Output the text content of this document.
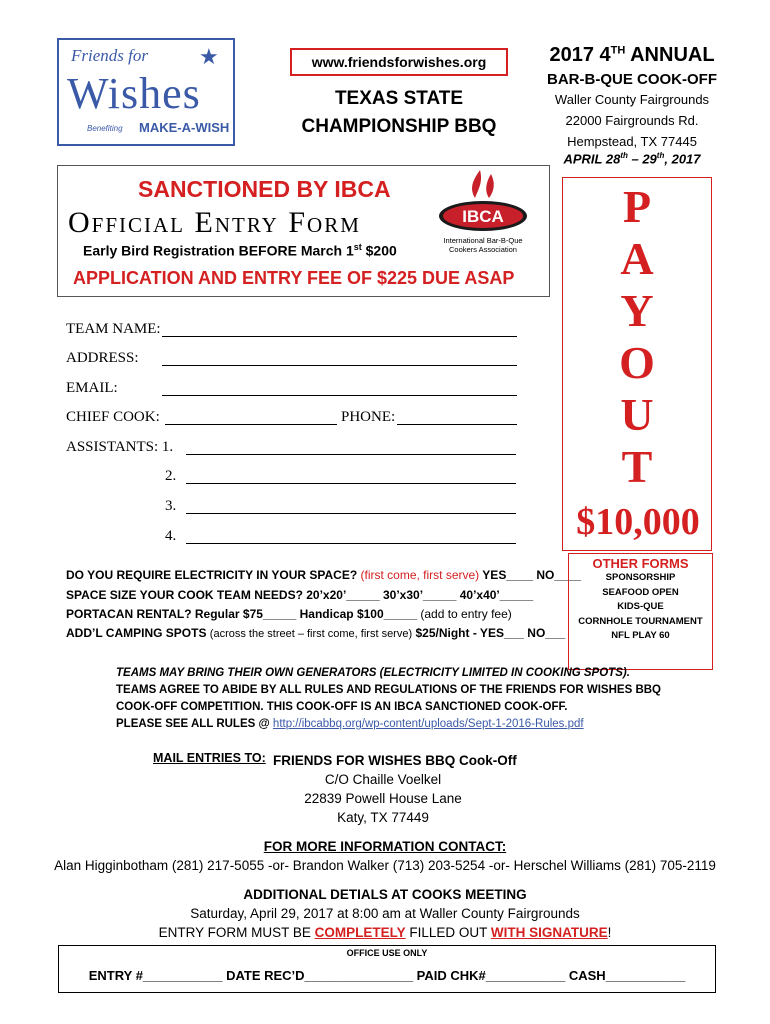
Friends for ★
Wishes
Benefiting MAKE-A-WISH
www.friendsforwishes.org
TEXAS STATE
CHAMPIONSHIP BBQ
2017 4TH ANNUAL
BAR-B-QUE COOK-OFF
Waller County Fairgrounds
22000 Fairgrounds Rd.
Hempstead, TX 77445
APRIL 28th – 29th, 2017
SANCTIONED BY IBCA
Official Entry Form
Early Bird Registration BEFORE March 1st $200
APPLICATION AND ENTRY FEE OF $225 DUE ASAP
IBCA
International Bar-B-Que
Cookers Association
P
A
Y
O
U
T
$10,000
TEAM NAME:
ADDRESS:
EMAIL:
CHIEF COOK:	PHONE:
ASSISTANTS: 1.
2.
3.
4.
DO YOU REQUIRE ELECTRICITY IN YOUR SPACE? (first come, first serve) YES____ NO____
SPACE SIZE YOUR COOK TEAM NEEDS? 20’x20’_____ 30’x30’_____ 40’x40’_____
PORTACAN RENTAL? Regular $75_____ Handicap $100_____ (add to entry fee)
ADD’L CAMPING SPOTS (across the street – first come, first serve) $25/Night - YES___ NO___
OTHER FORMS
SPONSORSHIP
SEAFOOD OPEN
KIDS-QUE
CORNHOLE TOURNAMENT
NFL PLAY 60
TEAMS MAY BRING THEIR OWN GENERATORS (ELECTRICITY LIMITED IN COOKING SPOTS).
TEAMS AGREE TO ABIDE BY ALL RULES AND REGULATIONS OF THE FRIENDS FOR WISHES BBQ
COOK-OFF COMPETITION. THIS COOK-OFF IS AN IBCA SANCTIONED COOK-OFF.
PLEASE SEE ALL RULES @ http://ibcabbq.org/wp-content/uploads/Sept-1-2016-Rules.pdf
MAIL ENTRIES TO: FRIENDS FOR WISHES BBQ Cook-Off
C/O Chaille Voelkel
22839 Powell House Lane
Katy, TX 77449
FOR MORE INFORMATION CONTACT:
Alan Higginbotham (281) 217-5055 -or- Brandon Walker (713) 203-5254 -or- Herschel Williams (281) 705-2119
ADDITIONAL DETIALS AT COOKS MEETING
Saturday, April 29, 2017 at 8:00 am at Waller County Fairgrounds
ENTRY FORM MUST BE COMPLETELY FILLED OUT WITH SIGNATURE!
OFFICE USE ONLY
ENTRY #___________ DATE REC’D_______________ PAID CHK#___________ CASH___________
